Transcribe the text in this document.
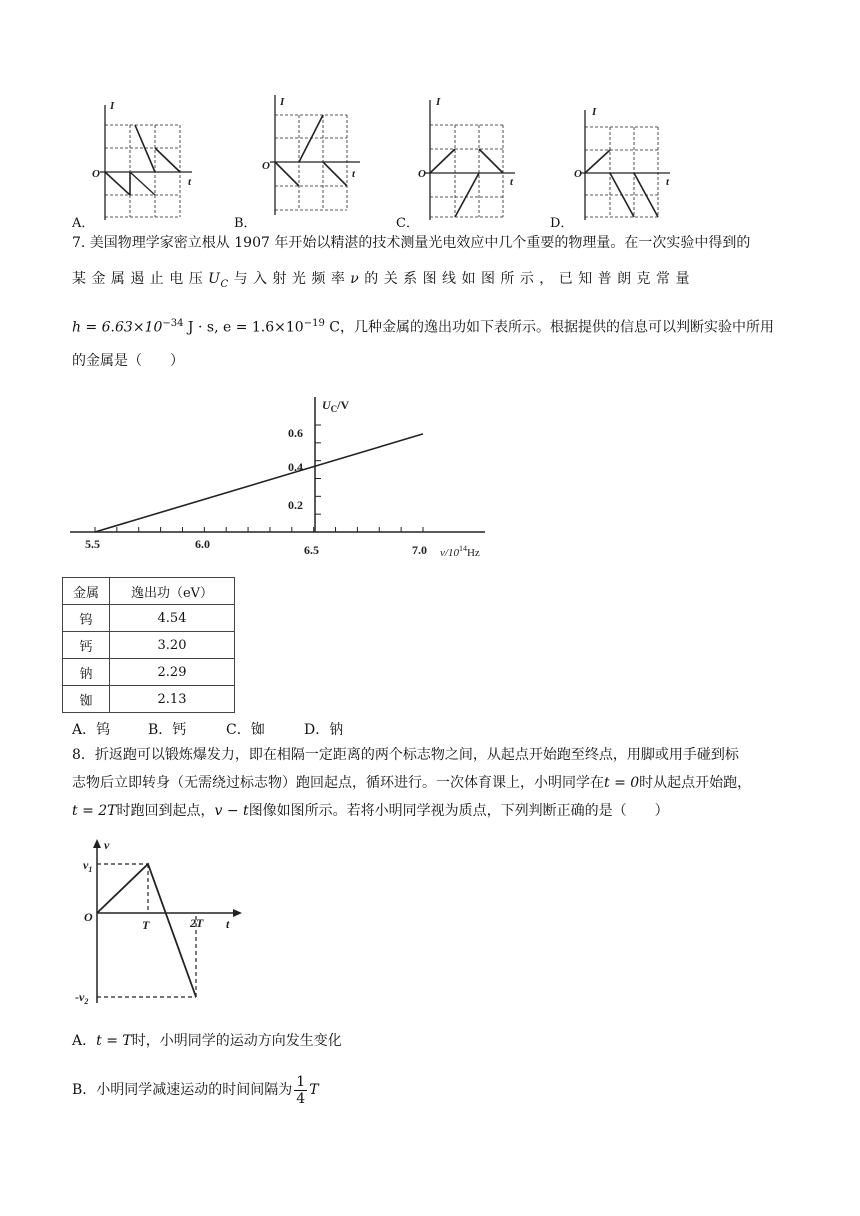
I
O
t
I
O
t
I
O
t
I
O
t
A．	B．	C．	D．
7. 美国物理学家密立根从 1907 年开始以精湛的技术测量光电效应中几个重要的物理量。在一次实验中得到的
某 金 属 遏 止 电 压 $U_C$ 与 入 射 光 频 率 ν 的 关 系 图 线 如 图 所 示 ， 已 知 普 朗 克 常 量
$h = 6.63\times 10^{-34}$ J · s, $e = 1.6\times 10^{-19}$ C，几种金属的逸出功如下表所示。根据提供的信息可以判断实验中所用
的金属是（　　）
5.5	6.0	6.5	7.0
0.2
0.4
0.6
$U_C/V$
$\nu/10^{14}Hz$
金属	逸出功（eV）
钨	4.54
钙	3.20
钠	2.29
铷	2.13
A．钨	B．钙	C．铷	D．钠
8．折返跑可以锻炼爆发力，即在相隔一定距离的两个标志物之间，从起点开始跑至终点，用脚或用手碰到标
志物后立即转身（无需绕过标志物）跑回起点，循环进行。一次体育课上，小明同学在t = 0时从起点开始跑，
t = 2T时跑回到起点，v − t图像如图所示。若将小明同学视为质点，下列判断正确的是（　　）
v
O
$v_1$
$-v_2$
T	2T t
A．t = T时，小明同学的运动方向发生变化
B．小明同学减速运动的时间间隔为 $\frac{1}{4}$ T
